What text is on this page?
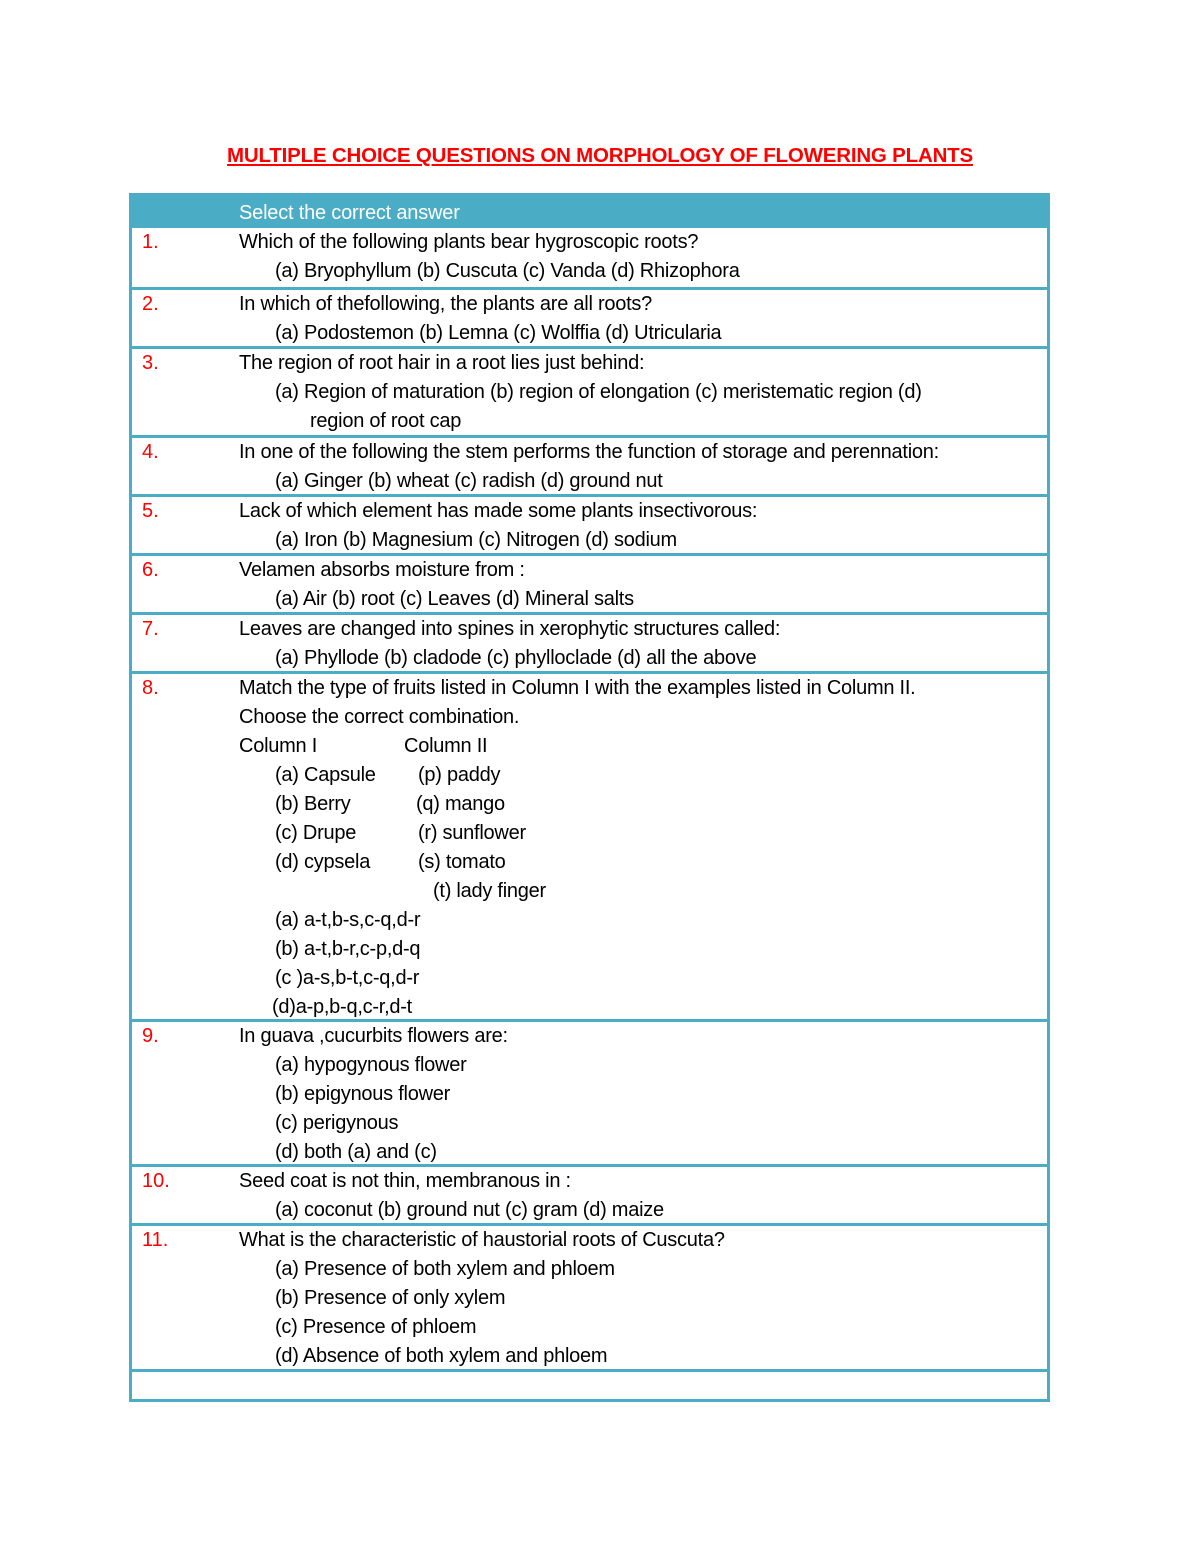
MULTIPLE CHOICE QUESTIONS ON MORPHOLOGY OF FLOWERING PLANTS
Select the correct answer
1.	Which of the following plants bear hygroscopic roots?
(a) Bryophyllum (b) Cuscuta (c) Vanda (d) Rhizophora
2.	In which of thefollowing, the plants are all roots?
(a) Podostemon (b) Lemna (c) Wolffia (d) Utricularia
3.	The region of root hair in a root lies just behind:
(a) Region of maturation (b) region of elongation (c) meristematic region (d)
region of root cap
4.	In one of the following the stem performs the function of storage and perennation:
(a) Ginger (b) wheat (c) radish (d) ground nut
5.	Lack of which element has made some plants insectivorous:
(a) Iron (b) Magnesium (c) Nitrogen (d) sodium
6.	Velamen absorbs moisture from :
(a) Air (b) root (c) Leaves (d) Mineral salts
7.	Leaves are changed into spines in xerophytic structures called:
(a) Phyllode (b) cladode (c) phylloclade (d) all the above
8.	Match the type of fruits listed in Column I with the examples listed in Column II.
Choose the correct combination.
Column I	Column II
(a) Capsule (p) paddy
(b) Berry	(q) mango
(c) Drupe	(r) sunflower
(d) cypsela (s) tomato
(t) lady finger
(a) a-t,b-s,c-q,d-r
(b) a-t,b-r,c-p,d-q
(c )a-s,b-t,c-q,d-r
(d)a-p,b-q,c-r,d-t
9.	In guava ,cucurbits flowers are:
(a) hypogynous flower
(b) epigynous flower
(c) perigynous
(d) both (a) and (c)
10.	Seed coat is not thin, membranous in :
(a) coconut (b) ground nut (c) gram (d) maize
11.	What is the characteristic of haustorial roots of Cuscuta?
(a) Presence of both xylem and phloem
(b) Presence of only xylem
(c) Presence of phloem
(d) Absence of both xylem and phloem
